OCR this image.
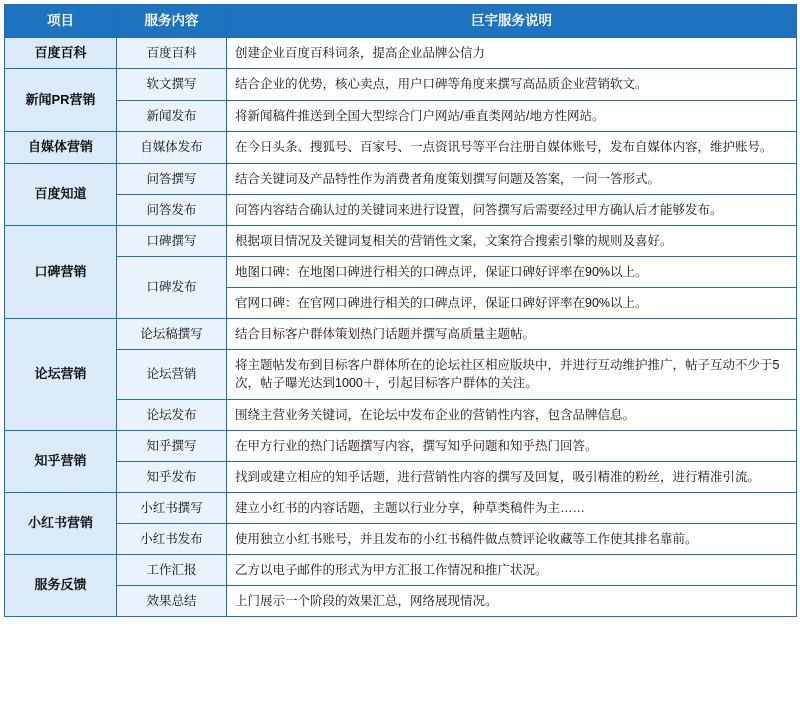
项目	服务内容	巨宇服务说明
百度百科	百度百科	创建企业百度百科词条，提高企业品牌公信力
新闻PR营销	软文撰写	结合企业的优势，核心卖点，用户口碑等角度来撰写高品质企业营销软文。
	新闻发布	将新闻稿件推送到全国大型综合门户网站/垂直类网站/地方性网站。
自媒体营销	自媒体发布	在今日头条、搜狐号、百家号、一点资讯号等平台注册自媒体账号，发布自媒体内容，维护账号。
百度知道	问答撰写	结合关键词及产品特性作为消费者角度策划撰写问题及答案，一问一答形式。
	问答发布	问答内容结合确认过的关键词来进行设置，问答撰写后需要经过甲方确认后才能够发布。
口碑营销	口碑撰写	根据项目情况及关键词复相关的营销性文案，文案符合搜索引擎的规则及喜好。
	口碑发布	地图口碑：在地图口碑进行相关的口碑点评，保证口碑好评率在90%以上。
		官网口碑：在官网口碑进行相关的口碑点评，保证口碑好评率在90%以上。
论坛营销	论坛稿撰写	结合目标客户群体策划热门话题并撰写高质量主题帖。
	论坛营销	将主题帖发布到目标客户群体所在的论坛社区相应版块中，并进行互动维护推广，帖子互动不少于5次，帖子曝光达到1000＋，引起目标客户群体的关注。
	论坛发布	围绕主营业务关键词，在论坛中发布企业的营销性内容，包含品牌信息。
知乎营销	知乎撰写	在甲方行业的热门话题撰写内容，撰写知乎问题和知乎热门回答。
	知乎发布	找到或建立相应的知乎话题，进行营销性内容的撰写及回复，吸引精准的粉丝，进行精准引流。
小红书营销	小红书撰写	建立小红书的内容话题，主题以行业分享，种草类稿件为主……
	小红书发布	使用独立小红书账号，并且发布的小红书稿件做点赞评论收藏等工作使其排名靠前。
服务反馈	工作汇报	乙方以电子邮件的形式为甲方汇报工作情况和推广状况。
	效果总结	上门展示一个阶段的效果汇总，网络展现情况。
